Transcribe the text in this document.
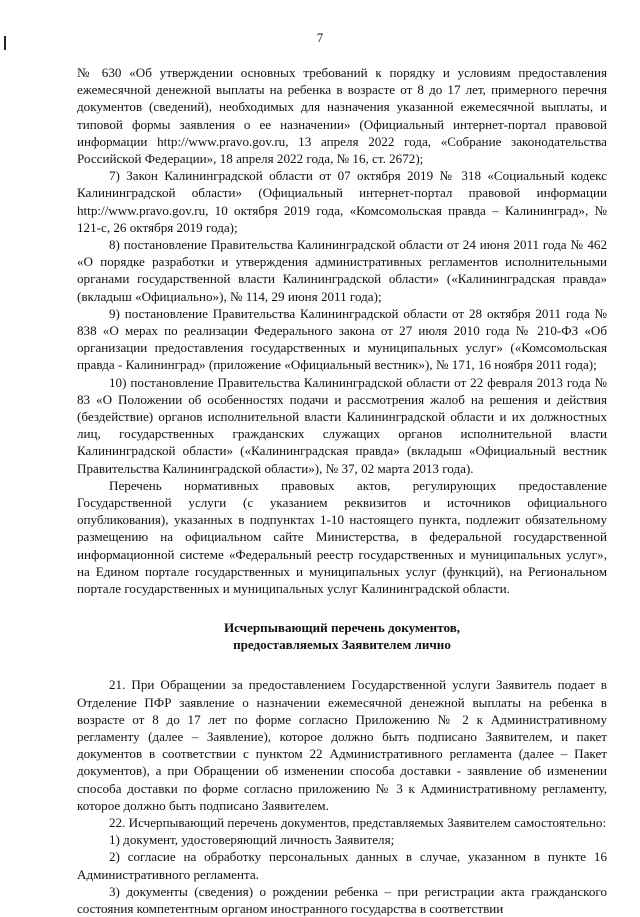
7

№ 630 «Об утверждении основных требований к порядку и условиям предоставления ежемесячной денежной выплаты на ребенка в возрасте от 8 до 17 лет, примерного перечня документов (сведений), необходимых для назначения указанной ежемесячной выплаты, и типовой формы заявления о ее назначении» (Официальный интернет-портал правовой информации http://www.pravo.gov.ru, 13 апреля 2022 года, «Собрание законодательства Российской Федерации», 18 апреля 2022 года, № 16, ст. 2672);

7) Закон Калининградской области от 07 октября 2019 № 318 «Социальный кодекс Калининградской области» (Официальный интернет-портал правовой информации http://www.pravo.gov.ru, 10 октября 2019 года, «Комсомольская правда – Калининград», № 121-с, 26 октября 2019 года);

8) постановление Правительства Калининградской области от 24 июня 2011 года № 462 «О порядке разработки и утверждения административных регламентов исполнительными органами государственной власти Калининградской области» («Калининградская правда» (вкладыш «Официально»), № 114, 29 июня 2011 года);

9) постановление Правительства Калининградской области от 28 октября 2011 года № 838 «О мерах по реализации Федерального закона от 27 июля 2010 года № 210-ФЗ «Об организации предоставления государственных и муниципальных услуг» («Комсомольская правда - Калининград» (приложение «Официальный вестник»), № 171, 16 ноября 2011 года);

10) постановление Правительства Калининградской области от 22 февраля 2013 года № 83 «О Положении об особенностях подачи и рассмотрения жалоб на решения и действия (бездействие) органов исполнительной власти Калининградской области и их должностных лиц, государственных гражданских служащих органов исполнительной власти Калининградской области» («Калининградская правда» (вкладыш «Официальный вестник Правительства Калининградской области»), № 37, 02 марта 2013 года).

Перечень нормативных правовых актов, регулирующих предоставление Государственной услуги (с указанием реквизитов и источников официального опубликования), указанных в подпунктах 1-10 настоящего пункта, подлежит обязательному размещению на официальном сайте Министерства, в федеральной государственной информационной системе «Федеральный реестр государственных и муниципальных услуг», на Едином портале государственных и муниципальных услуг (функций), на Региональном портале государственных и муниципальных услуг Калининградской области.

Исчерпывающий перечень документов,
предоставляемых Заявителем лично

21. При Обращении за предоставлением Государственной услуги Заявитель подает в Отделение ПФР заявление о назначении ежемесячной денежной выплаты на ребенка в возрасте от 8 до 17 лет по форме согласно Приложению № 2 к Административному регламенту (далее – Заявление), которое должно быть подписано Заявителем, и пакет документов в соответствии с пунктом 22 Административного регламента (далее – Пакет документов), а при Обращении об изменении способа доставки - заявление об изменении способа доставки по форме согласно приложению № 3 к Административному регламенту, которое должно быть подписано Заявителем.

22. Исчерпывающий перечень документов, представляемых Заявителем самостоятельно:

1) документ, удостоверяющий личность Заявителя;

2) согласие на обработку персональных данных в случае, указанном в пункте 16 Административного регламента.

3) документы (сведения) о рождении ребенка – при регистрации акта гражданского состояния компетентным органом иностранного государства в соответствии
